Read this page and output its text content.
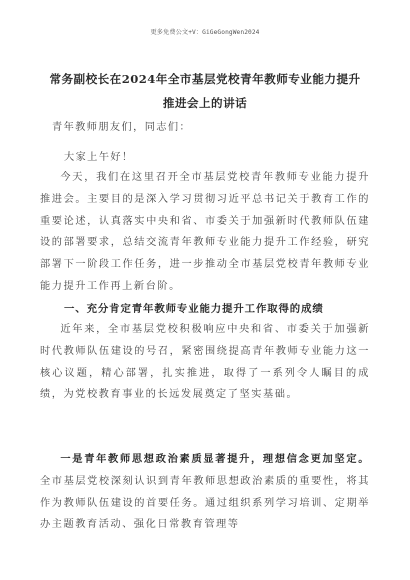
更多免费公文+V：GiGeGongWen2024
常务副校长在2024年全市基层党校青年教师专业能力提升
推进会上的讲话
青年教师朋友们，同志们：
大家上午好！

今天，我们在这里召开全市基层党校青年教师专业能力提升推进会。主要目的是深入学习贯彻习近平总书记关于教育工作的重要论述，认真落实中央和省、市委关于加强新时代教师队伍建设的部署要求，总结交流青年教师专业能力提升工作经验，研究部署下一阶段工作任务，进一步推动全市基层党校青年教师专业能力提升工作再上新台阶。

一、充分肯定青年教师专业能力提升工作取得的成绩

近年来，全市基层党校积极响应中央和省、市委关于加强新时代教师队伍建设的号召，紧密围绕提高青年教师专业能力这一核心议题，精心部署，扎实推进，取得了一系列令人瞩目的成绩，为党校教育事业的长远发展奠定了坚实基础。

一是青年教师思想政治素质显著提升，理想信念更加坚定。全市基层党校深刻认识到青年教师思想政治素质的重要性，将其作为教师队伍建设的首要任务。通过组织系列学习培训、定期举办主题教育活动、强化日常教育管理等
